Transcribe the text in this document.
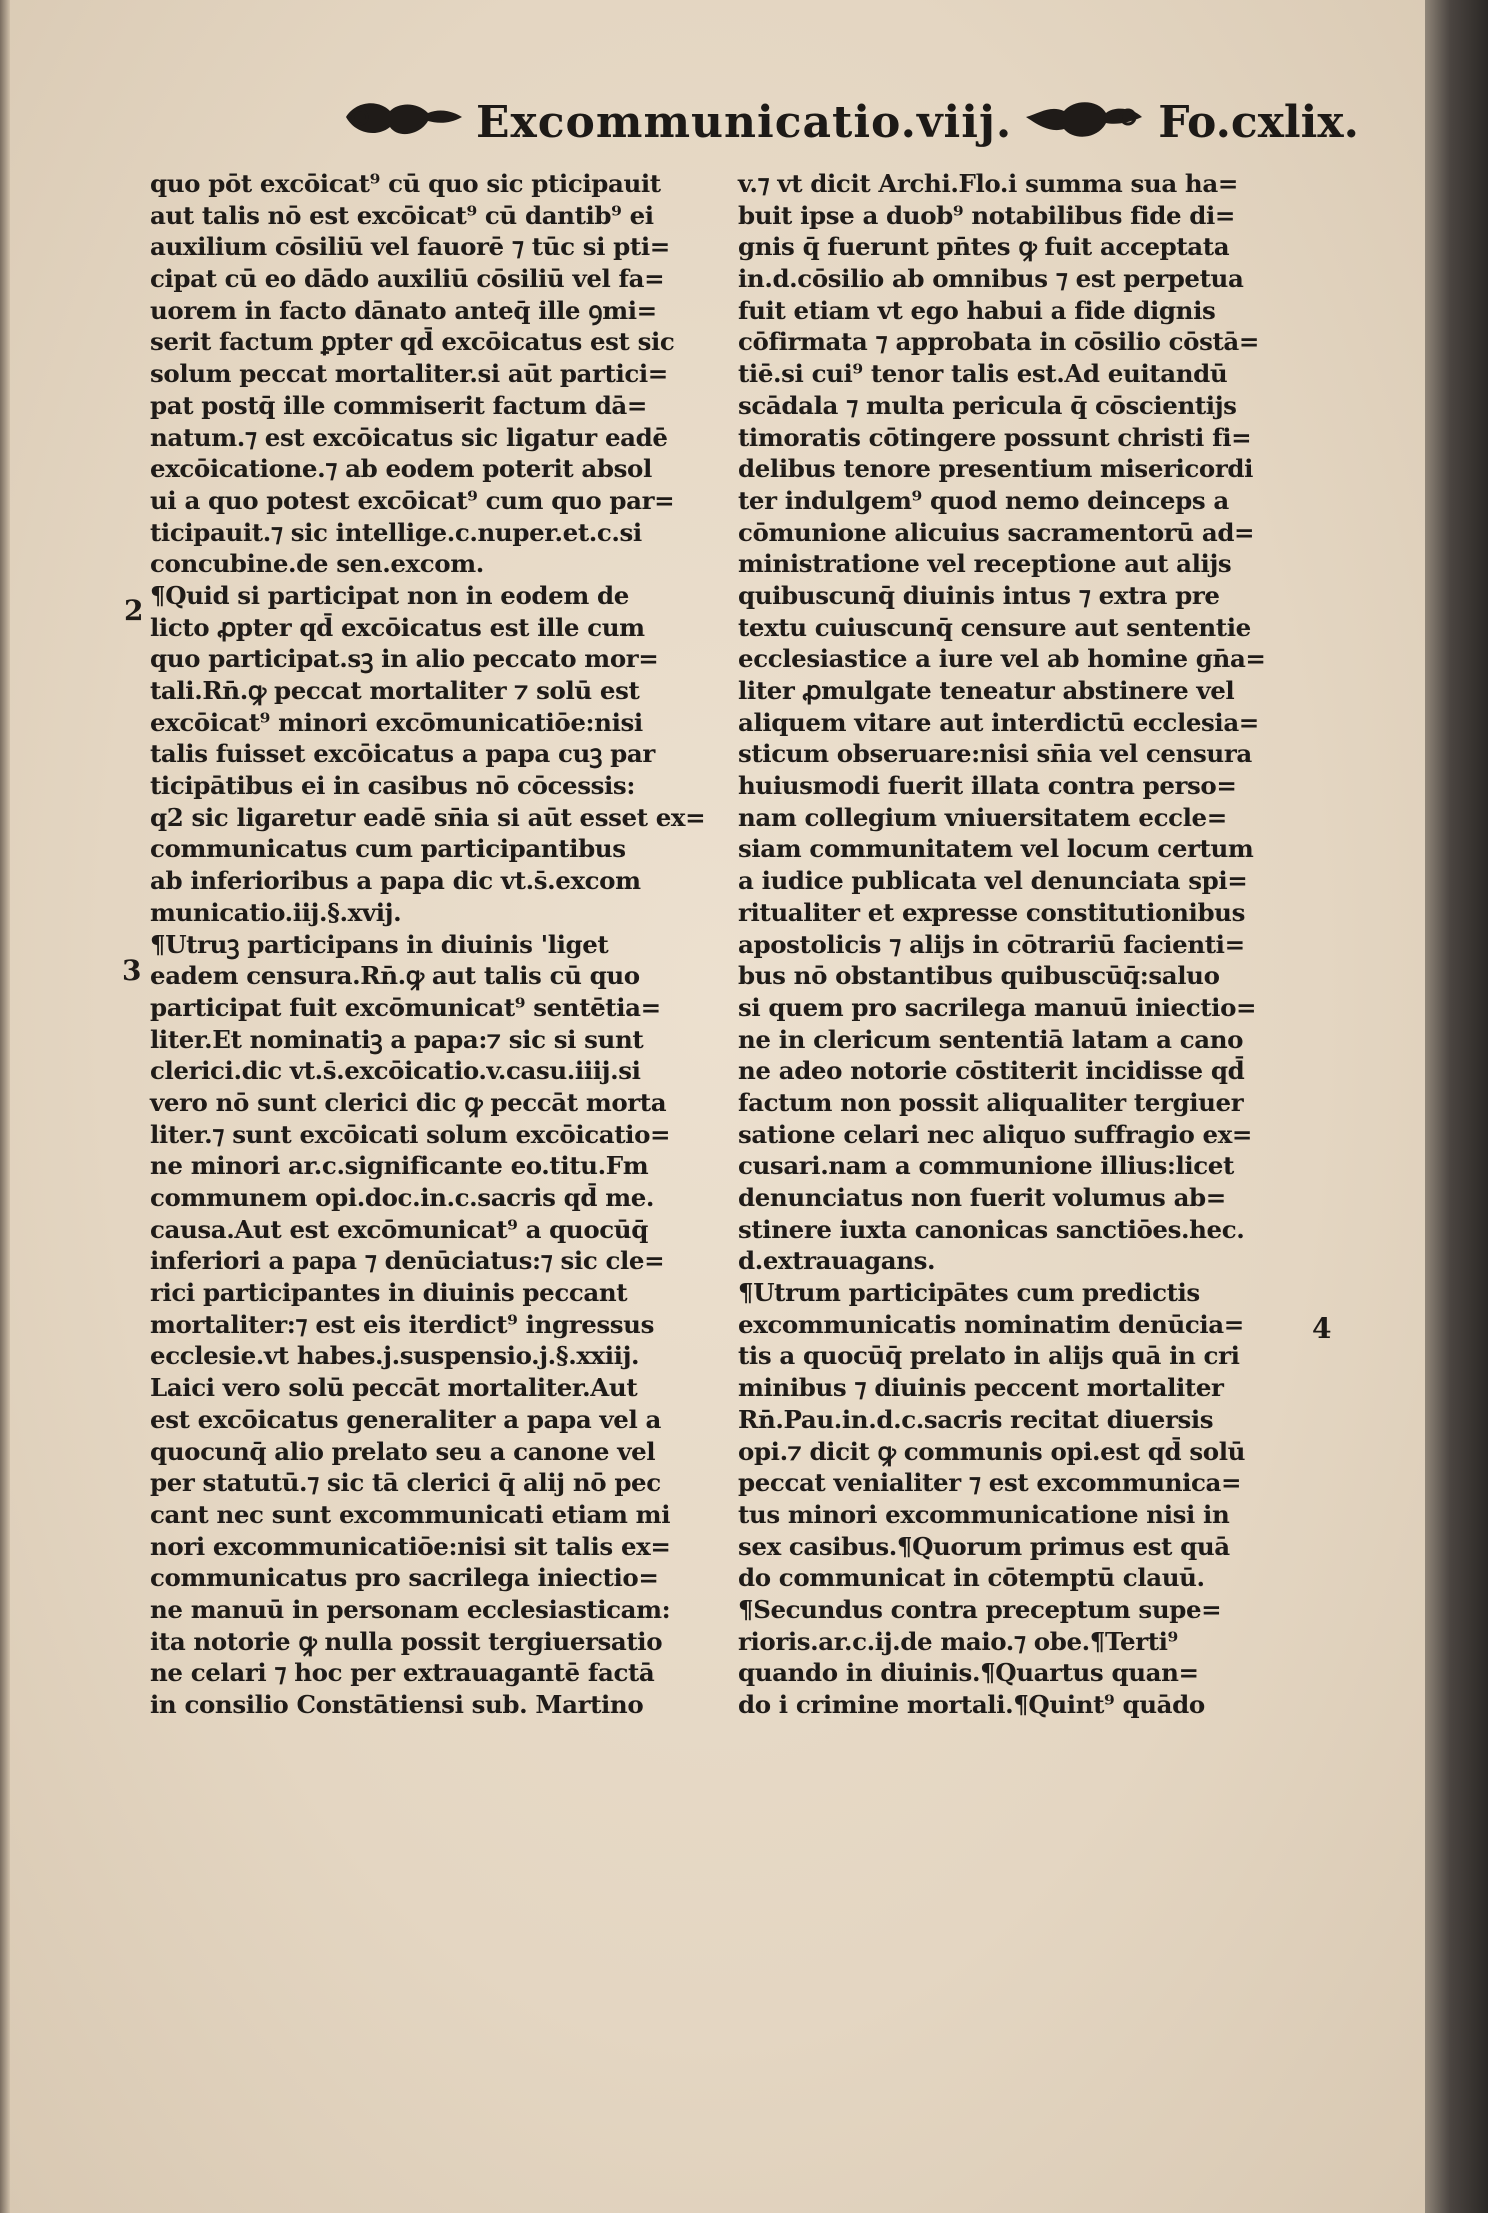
Excommunicatio.viij.	Fo.cxlix.
2
3
4
quo pōt excōicat⁹ cū quo sic pticipauit
aut talis nō est excōicat⁹ cū dantib⁹ ei
auxilium cōsiliū vel fauorē ⁊ tūc si pti=
cipat cū eo dādo auxiliū cōsiliū vel fa=
uorem in facto dānato anteq̄ ille ꝯmi=
serit factum ꝑpter qd̄ excōicatus est sic
solum peccat mortaliter.si aūt partici=
pat postq̄ ille commiserit factum dā=
natum.⁊ est excōicatus sic ligatur eadē
excōicatione.⁊ ab eodem poterit absol
ui a quo potest excōicat⁹ cum quo par=
ticipauit.⁊ sic intellige.c.nuper.et.c.si
concubine.de sen.excom.
¶Quid si participat non in eodem de
licto ꝓpter qd̄ excōicatus est ille cum
quo participat.sꝫ in alio peccato mor=
tali.Rn̄.ꝙ peccat mortaliter ⁊ solū est
excōicat⁹ minori excōmunicatiōe:nisi
talis fuisset excōicatus a papa cuꝫ par
ticipātibus ei in casibus nō cōcessis:
q2 sic ligaretur eadē sn̄ia si aūt esset ex=
communicatus cum participantibus
ab inferioribus a papa dic vt.s̄.excom
municatio.iij.§.xvij.
¶Utruꝫ participans in diuinis 'liget
eadem censura.Rn̄.ꝙ aut talis cū quo
participat fuit excōmunicat⁹ sentētia=
liter.Et nominatiꝫ a papa:⁊ sic si sunt
clerici.dic vt.s̄.excōicatio.v.casu.iiij.si
vero nō sunt clerici dic ꝙ peccāt morta
liter.⁊ sunt excōicati solum excōicatio=
ne minori ar.c.significante eo.titu.Fm
communem opi.doc.in.c.sacris qd̄ me.
causa.Aut est excōmunicat⁹ a quocūq̄
inferiori a papa ⁊ denūciatus:⁊ sic cle=
rici participantes in diuinis peccant
mortaliter:⁊ est eis iterdict⁹ ingressus
ecclesie.vt habes.j.suspensio.j.§.xxiij.
Laici vero solū peccāt mortaliter.Aut
est excōicatus generaliter a papa vel a
quocunq̄ alio prelato seu a canone vel
per statutū.⁊ sic tā clerici q̄ alij nō pec
cant nec sunt excommunicati etiam mi
nori excommunicatiōe:nisi sit talis ex=
communicatus pro sacrilega iniectio=
ne manuū in personam ecclesiasticam:
ita notorie ꝙ nulla possit tergiuersatio
ne celari ⁊ hoc per extrauagantē factā
in consilio Constātiensi sub. Martino
v.⁊ vt dicit Archi.Flo.i summa sua ha=
buit ipse a duob⁹ notabilibus fide di=
gnis q̄ fuerunt pn̄tes ꝙ fuit acceptata
in.d.cōsilio ab omnibus ⁊ est perpetua
fuit etiam vt ego habui a fide dignis
cōfirmata ⁊ approbata in cōsilio cōstā=
tiē.si cui⁹ tenor talis est.Ad euitandū
scādala ⁊ multa pericula q̄ cōscientijs
timoratis cōtingere possunt christi fi=
delibus tenore presentium misericordi
ter indulgem⁹ quod nemo deinceps a
cōmunione alicuius sacramentorū ad=
ministratione vel receptione aut alijs
quibuscunq̄ diuinis intus ⁊ extra pre
textu cuiuscunq̄ censure aut sententie
ecclesiastice a iure vel ab homine gn̄a=
liter ꝓmulgate teneatur abstinere vel
aliquem vitare aut interdictū ecclesia=
sticum obseruare:nisi sn̄ia vel censura
huiusmodi fuerit illata contra perso=
nam collegium vniuersitatem eccle=
siam communitatem vel locum certum
a iudice publicata vel denunciata spi=
ritualiter et expresse constitutionibus
apostolicis ⁊ alijs in cōtrariū facienti=
bus nō obstantibus quibuscūq̄:saluo
si quem pro sacrilega manuū iniectio=
ne in clericum sententiā latam a cano
ne adeo notorie cōstiterit incidisse qd̄
factum non possit aliqualiter tergiuer
satione celari nec aliquo suffragio ex=
cusari.nam a communione illius:licet
denunciatus non fuerit volumus ab=
stinere iuxta canonicas sanctiōes.hec.
d.extrauagans.
¶Utrum participātes cum predictis
excommunicatis nominatim denūcia=
tis a quocūq̄ prelato in alijs quā in cri
minibus ⁊ diuinis peccent mortaliter
Rn̄.Pau.in.d.c.sacris recitat diuersis
opi.⁊ dicit ꝙ communis opi.est qd̄ solū
peccat venialiter ⁊ est excommunica=
tus minori excommunicatione nisi in
sex casibus.¶Quorum primus est quā
do communicat in cōtemptū clauū.
¶Secundus contra preceptum supe=
rioris.ar.c.ij.de maio.⁊ obe.¶Terti⁹
quando in diuinis.¶Quartus quan=
do i crimine mortali.¶Quint⁹ quādo
